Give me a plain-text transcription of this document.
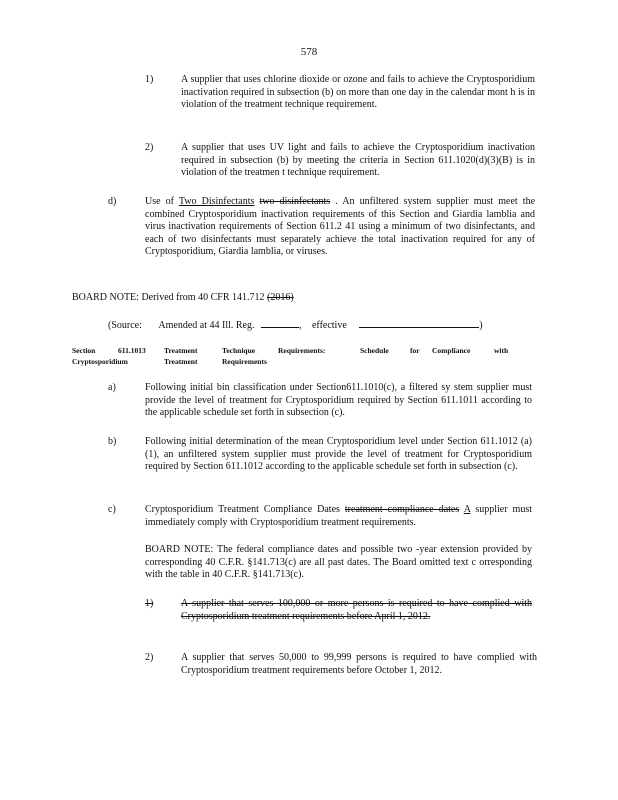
578
1)	A supplier that uses chlorine dioxide or ozone and fails to achieve the Cryptosporidium inactivation required in subsection (b) on more than one day in the calendar mont h is in violation of the treatment technique requirement.
2)	A supplier that uses UV light and fails to achieve the Cryptosporidium inactivation required in subsection (b) by meeting the criteria in Section 611.1020(d)(3)(B) is in violation of the treatmen t technique requirement.
d)	Use of Two Disinfectants two disinfectants . An unfiltered system supplier must meet the combined Cryptosporidium inactivation requirements of this Section and Giardia lamblia and virus inactivation requirements of Section 611.2 41 using a minimum of two disinfectants, and each of two disinfectants must separately achieve the total inactivation required for any of Cryptosporidium, Giardia lamblia, or viruses.
BOARD NOTE: Derived from 40 CFR 141.712 (2016)
(Source: Amended at 44 Ill. Reg.	, effective	)
Section	611.1013 Treatment	Technique	Requirements:	Schedule	for Compliance	with
Cryptosporidium	Treatment	Requirements
a)	Following initial bin classification under Section611.1010(c), a filtered sy stem supplier must provide the level of treatment for Cryptosporidium required by Section 611.1011 according to the applicable schedule set forth in subsection (c).
b)	Following initial determination of the mean Cryptosporidium level under Section 611.1012 (a)(1), an unfiltered system supplier must provide the level of treatment for Cryptosporidium required by Section 611.1012 according to the applicable schedule set forth in subsection (c).
c)	Cryptosporidium Treatment Compliance Dates treatment compliance dates A supplier must immediately comply with Cryptosporidium treatment requirements.
BOARD NOTE: The federal compliance dates and possible two -year extension provided by corresponding 40 C.F.R. §141.713(c) are all past dates. The Board omitted text c orresponding with the table in 40 C.F.R. §141.713(c).
1)	A supplier that serves 100,000 or more persons is required to have complied with Cryptosporidium treatment requirements before April 1, 2012.
2)	A supplier that serves 50,000 to 99,999 persons is required to have complied with Cryptosporidium treatment requirements before October 1, 2012.
